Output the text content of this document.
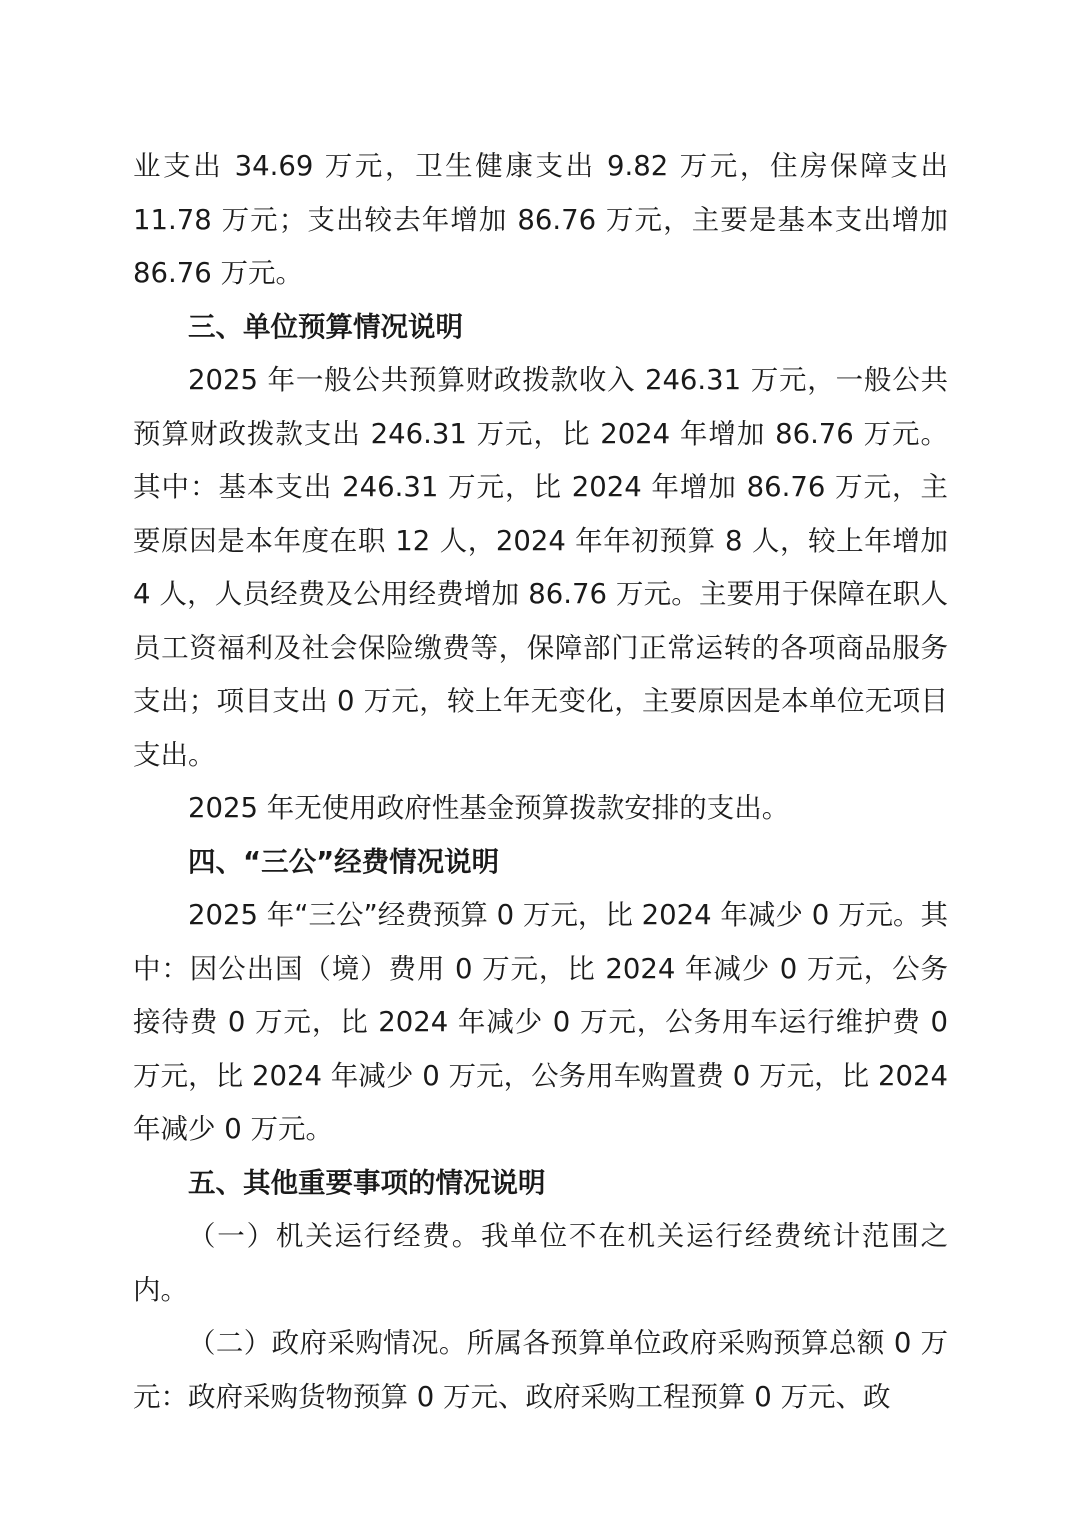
业支出 34.69 万元，卫生健康支出 9.82 万元，住房保障支出 11.78 万元；支出较去年增加 86.76 万元，主要是基本支出增加 86.76 万元。

三、单位预算情况说明

2025 年一般公共预算财政拨款收入 246.31 万元，一般公共预算财政拨款支出 246.31 万元，比 2024 年增加 86.76 万元。其中：基本支出 246.31 万元，比 2024 年增加 86.76 万元，主要原因是本年度在职 12 人，2024 年年初预算 8 人，较上年增加 4 人，人员经费及公用经费增加 86.76 万元。主要用于保障在职人员工资福利及社会保险缴费等，保障部门正常运转的各项商品服务支出；项目支出 0 万元，较上年无变化，主要原因是本单位无项目支出。

2025 年无使用政府性基金预算拨款安排的支出。

四、“三公”经费情况说明

2025 年“三公”经费预算 0 万元，比 2024 年减少 0 万元。其中：因公出国（境）费用 0 万元，比 2024 年减少 0 万元，公务接待费 0 万元，比 2024 年减少 0 万元，公务用车运行维护费 0 万元，比 2024 年减少 0 万元，公务用车购置费 0 万元，比 2024 年减少 0 万元。

五、其他重要事项的情况说明

（一）机关运行经费。我单位不在机关运行经费统计范围之内。

（二）政府采购情况。所属各预算单位政府采购预算总额 0 万元：政府采购货物预算 0 万元、政府采购工程预算 0 万元、政
